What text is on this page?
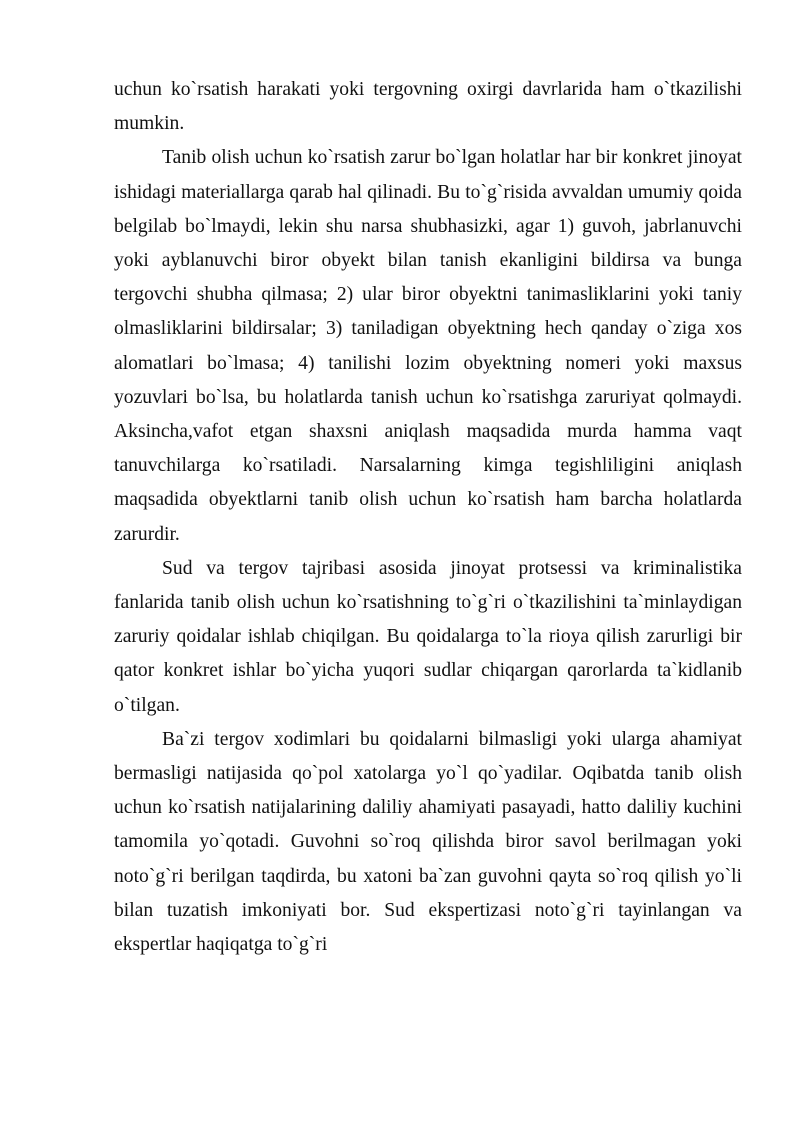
uchun ko`rsatish harakati yoki tergovning oxirgi davrlarida ham o`tkazilishi mumkin.

Tanib olish uchun ko`rsatish zarur bo`lgan holatlar har bir konkret jinoyat ishidagi materiallarga qarab hal qilinadi. Bu to`g`risida avvaldan umumiy qoida belgilab bo`lmaydi, lekin shu narsa shubhasizki, agar 1) guvoh, jabrlanuvchi yoki ayblanuvchi biror obyekt bilan tanish ekanligini bildirsa va bunga tergovchi shubha qilmasa; 2) ular biror obyektni tanimasliklarini yoki taniy olmasliklarini bildirsalar; 3) taniladigan obyektning hech qanday o`ziga xos alomatlari bo`lmasa; 4) tanilishi lozim obyektning nomeri yoki maxsus yozuvlari bo`lsa, bu holatlarda tanish uchun ko`rsatishga zaruriyat qolmaydi. Aksincha,vafot etgan shaxsni aniqlash maqsadida murda hamma vaqt tanuvchilarga ko`rsatiladi. Narsalarning kimga tegishliligini aniqlash maqsadida obyektlarni tanib olish uchun ko`rsatish ham barcha holatlarda zarurdir.

Sud va tergov tajribasi asosida jinoyat protsessi va kriminalistika fanlarida tanib olish uchun ko`rsatishning to`g`ri o`tkazilishini ta`minlaydigan zaruriy qoidalar ishlab chiqilgan. Bu qoidalarga to`la rioya qilish zarurligi bir qator konkret ishlar bo`yicha yuqori sudlar chiqargan qarorlarda ta`kidlanib o`tilgan.

Ba`zi tergov xodimlari bu qoidalarni bilmasligi yoki ularga ahamiyat bermasligi natijasida qo`pol xatolarga yo`l qo`yadilar. Oqibatda tanib olish uchun ko`rsatish natijalarining daliliy ahamiyati pasayadi, hatto daliliy kuchini tamomila yo`qotadi. Guvohni so`roq qilishda biror savol berilmagan yoki noto`g`ri berilgan taqdirda, bu xatoni ba`zan guvohni qayta so`roq qilish yo`li bilan tuzatish imkoniyati bor. Sud ekspertizasi noto`g`ri tayinlangan va ekspertlar haqiqatga to`g`ri
